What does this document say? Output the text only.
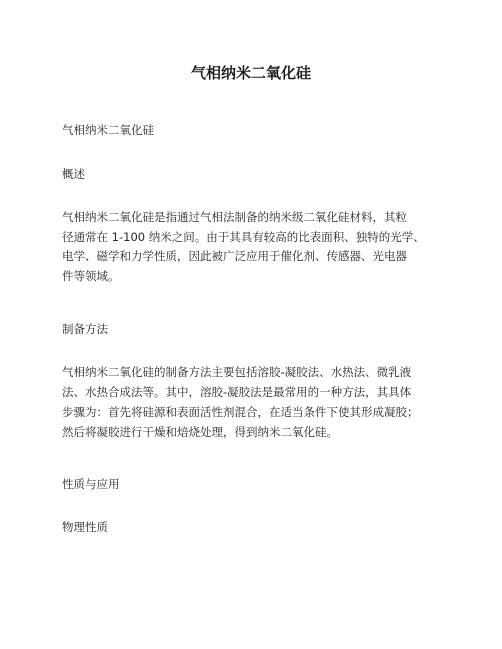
气相纳米二氧化硅
气相纳米二氧化硅
概述
气相纳米二氧化硅是指通过气相法制备的纳米级二氧化硅材料，其粒
径通常在 1-100 纳米之间。由于其具有较高的比表面积、独特的光学、
电学、磁学和力学性质，因此被广泛应用于催化剂、传感器、光电器
件等领域。
制备方法
气相纳米二氧化硅的制备方法主要包括溶胶-凝胶法、水热法、微乳液
法、水热合成法等。其中，溶胶-凝胶法是最常用的一种方法，其具体
步骤为：首先将硅源和表面活性剂混合，在适当条件下使其形成凝胶；
然后将凝胶进行干燥和焙烧处理，得到纳米二氧化硅。
性质与应用
物理性质
